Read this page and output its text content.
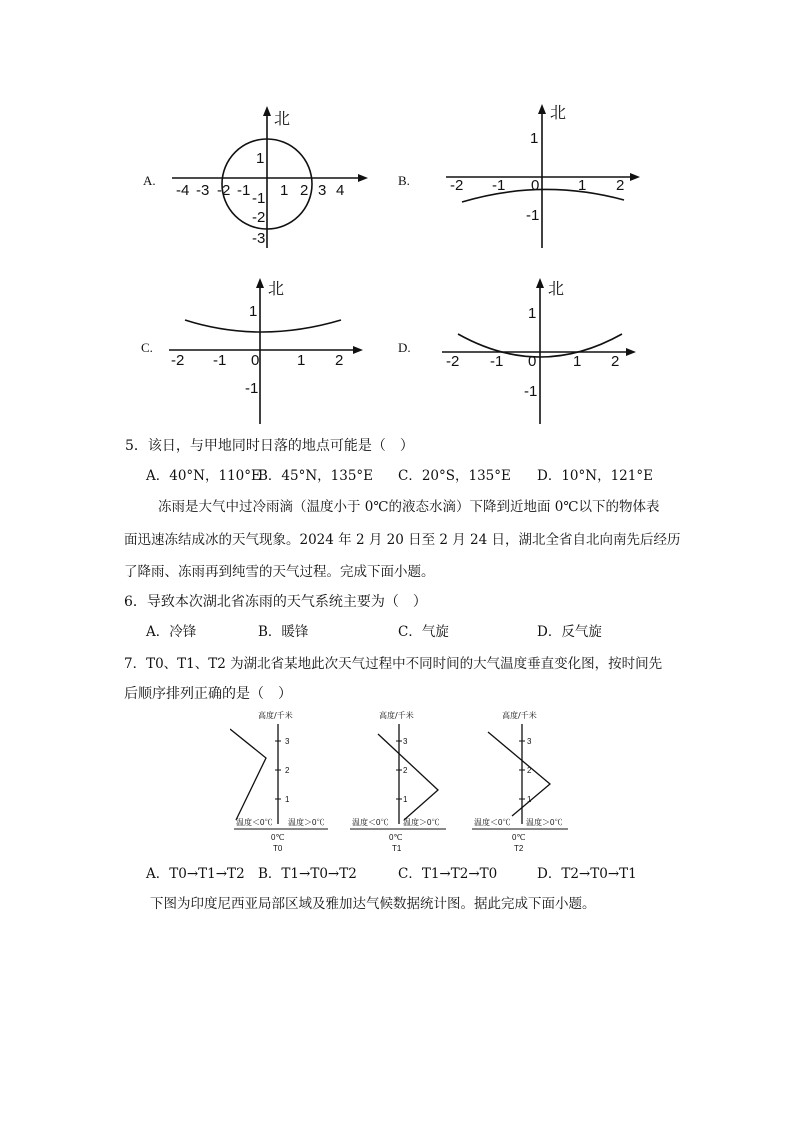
A.
北
-4 -3 -2 -1 1 2 3 4
1
-1
-2
-3
B.
北
-2 -1 0	1 2
1
-1
C.
北
-2 -1 0	1 2
1
-1
D.
北
-2 -1 0 1 2
1
-1
5．该日，与甲地同时日落的地点可能是（　）
A．40°N，110°E
B．45°N，135°E C．20°S，135°E D．10°N，121°E
冻雨是大气中过冷雨滴（温度小于 0℃的液态水滴）下降到近地面 0℃以下的物体表
面迅速冻结成冰的天气现象。2024 年 2 月 20 日至 2 月 24 日，湖北全省自北向南先后经历
了降雨、冻雨再到纯雪的天气过程。完成下面小题。
6．导致本次湖北省冻雨的天气系统主要为（　）
A．冷锋	B．暖锋	C．气旋	D．反气旋
7．T0、T1、T2 为湖北省某地此次天气过程中不同时间的大气温度垂直变化图，按时间先
后顺序排列正确的是（　）
高度/千米
3
2
1
温度＜0℃ 温度＞0℃
0℃
T0
高度/千米
3
2
1
温度＜0℃ 温度＞0℃
0℃
T1
高度/千米
3
2
1
温度＜0℃ 温度＞0℃
0℃
T2
A．T0→T1→T2 B．T1→T0→T2	C．T1→T2→T0	D．T2→T0→T1
下图为印度尼西亚局部区域及雅加达气候数据统计图。据此完成下面小题。
